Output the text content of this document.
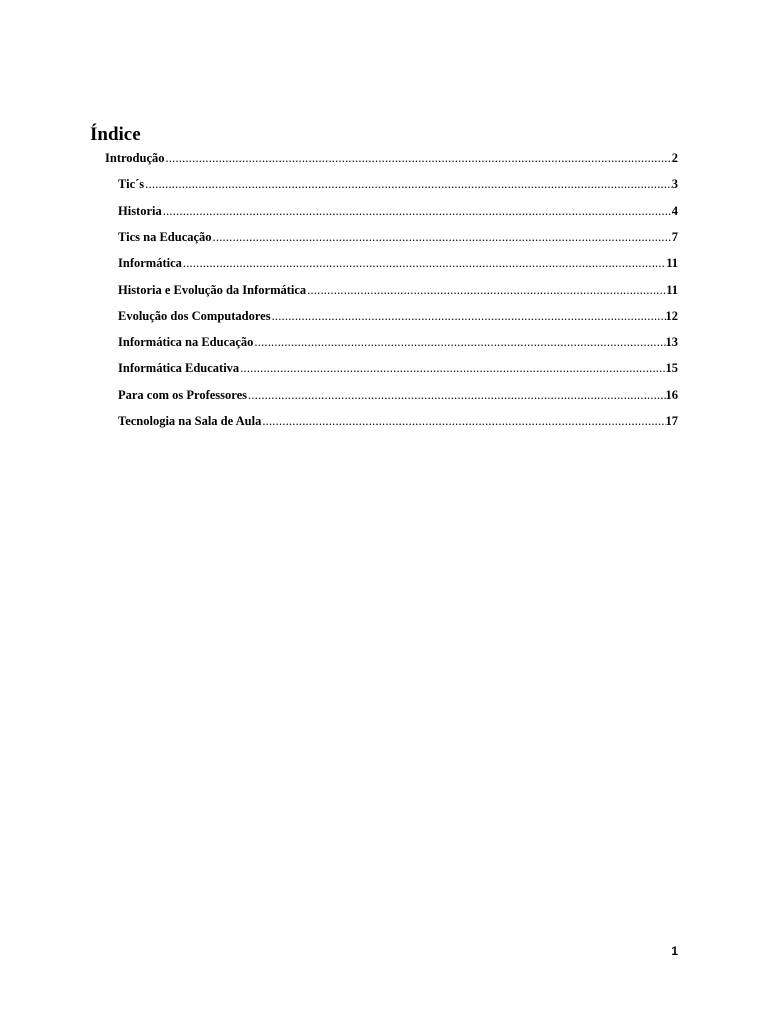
Índice
Introdução .....	2
Tic´s .....	3
Historia .....	4
Tics na Educação .....	7
Informática .....	11
Historia e Evolução da Informática .....	11
Evolução dos Computadores .....	12
Informática na Educação .....	13
Informática Educativa .....	15
Para com os Professores .....	16
Tecnologia na Sala de Aula .....	17
1
